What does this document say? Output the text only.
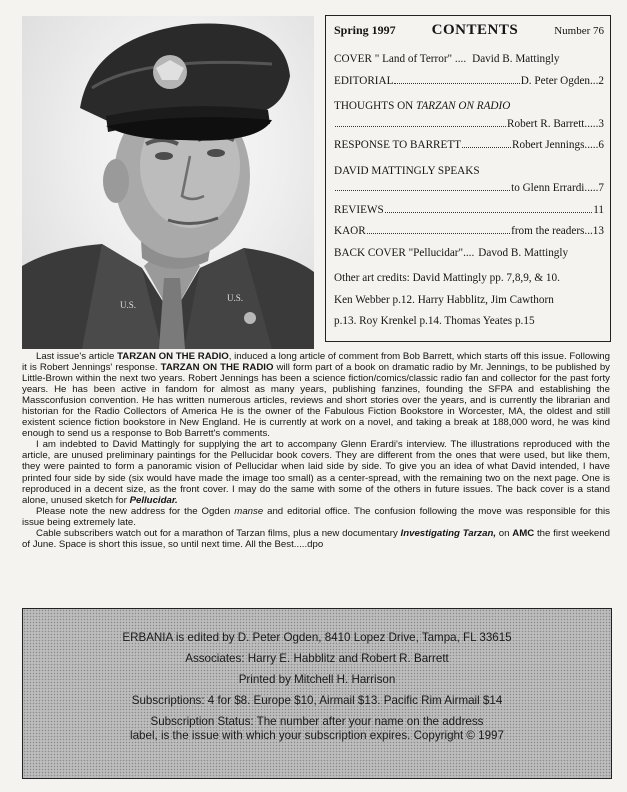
U.S.
U.S.
Spring 1997 CONTENTS	Number 76
COVER " Land of Terror" .... David B. Mattingly
EDITORIAL	D. Peter Ogden...2
THOUGHTS ON TARZAN ON RADIO
Robert R. Barrett.....3
RESPONSE TO BARRETT	Robert Jennings.....6
DAVID MATTINGLY SPEAKS
to Glenn Errardi.....7
REVIEWS	11
KAOR	from the readers...13
BACK COVER "Pellucidar".... Davod B. Mattingly
Other art credits: David Mattingly pp. 7,8,9, & 10.
Ken Webber p.12. Harry Habblitz, Jim Cawthorn
p.13. Roy Krenkel p.14. Thomas Yeates p.15

Last issue's article TARZAN ON THE RADIO, induced a long article of comment from Bob Barrett, which starts off this issue. Following it is Robert Jennings' response. TARZAN ON THE RADIO will form part of a book on dramatic radio by Mr. Jennings, to be published by Little-Brown within the next two years. Robert Jennings has been a science fiction/comics/classic radio fan and collector for the past forty years. He has been active in fandom for almost as many years, publishing fanzines, founding the SFPA and establishing the Massconfusion convention. He has written numerous articles, reviews and short stories over the years, and is currently the librarian and historian for the Radio Collectors of America He is the owner of the Fabulous Fiction Bookstore in Worcester, MA, the oldest and still existent science fiction bookstore in New England. He is currently at work on a novel, and taking a break at 188,000 word, he was kind enough to send us a response to Bob Barrett's comments.

I am indebted to David Mattingly for supplying the art to accompany Glenn Erardi's interview. The illustrations reproduced with the article, are unused preliminary paintings for the Pellucidar book covers. They are different from the ones that were used, but like them, they were painted to form a panoramic vision of Pellucidar when laid side by side. To give you an idea of what David intended, I have printed four side by side (six would have made the image too small) as a center-spread, with the remaining two on the next page. One is reproduced in a decent size, as the front cover. I may do the same with some of the others in future issues. The back cover is a stand alone, unused sketch for Pellucidar.

Please note the new address for the Ogden manse and editorial office. The confusion following the move was responsible for this issue being extremely late.

Cable subscribers watch out for a marathon of Tarzan films, plus a new documentary Investigating Tarzan, on AMC the first weekend of June. Space is short this issue, so until next time. All the Best.....dpo

ERBANIA is edited by D. Peter Ogden, 8410 Lopez Drive, Tampa, FL 33615
Associates: Harry E. Habblitz and Robert R. Barrett
Printed by Mitchell H. Harrison
Subscriptions: 4 for $8. Europe $10, Airmail $13. Pacific Rim Airmail $14
Subscription Status: The number after your name on the address
label, is the issue with which your subscription expires. Copyright © 1997
